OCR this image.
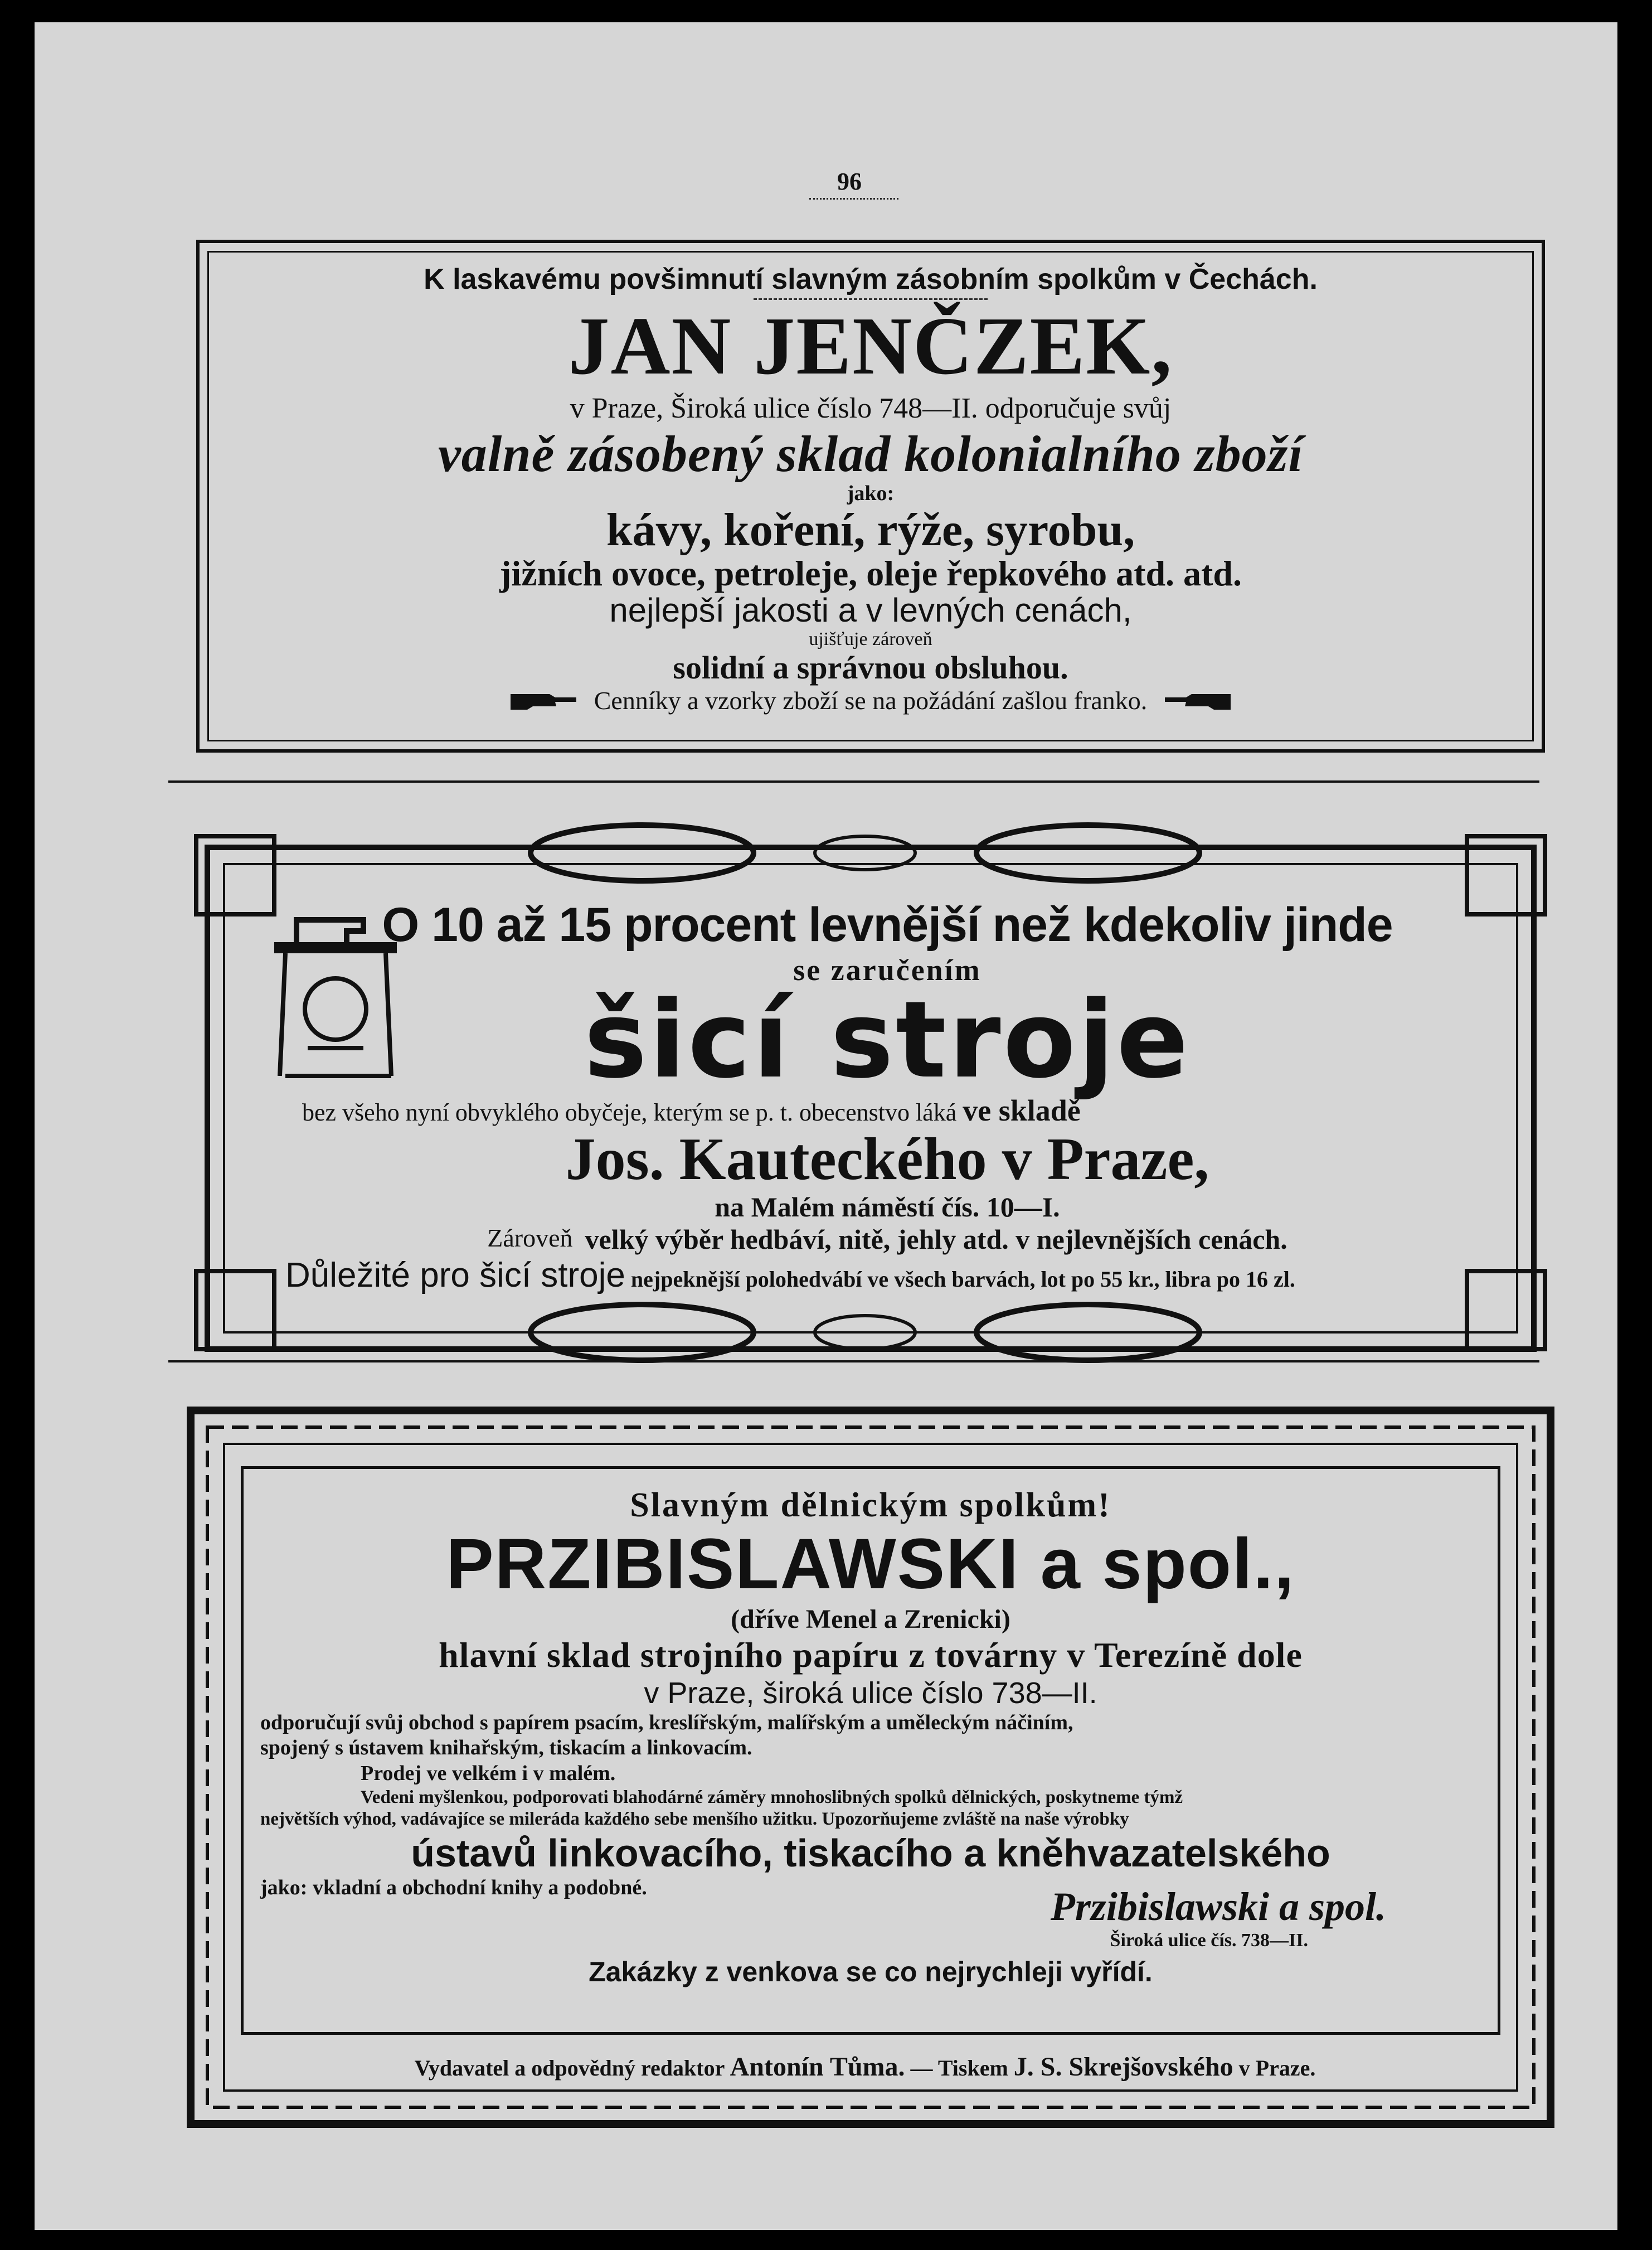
96
K laskavému povšimnutí slavným zásobním spolkům v Čechách.
JAN JENČZEK,
v Praze, Široká ulice číslo 748—II. odporučuje svůj
valně zásobený sklad kolonialního zboží
jako:
kávy, koření, rýže, syrobu,
jižních ovoce, petroleje, oleje řepkového atd. atd.
nejlepší jakosti a v levných cenách,
ujišťuje zároveň
solidní a správnou obsluhou.
Cenníky a vzorky zboží se na požádání zašlou franko.
O 10 až 15 procent levnější než kdekoliv jinde
se zaručením
šicí stroje
bez všeho nyní obvyklého obyčeje, kterým se p. t. obecenstvo láká ve skladě
Jos. Kauteckého v Praze,
na Malém náměstí čís. 10—I.
Zároveň velký výběr hedbáví, nitě, jehly atd. v nejlevnějších cenách.
Důležité pro šicí stroje nejpeknější polohedvábí ve všech barvách, lot po 55 kr., libra po 16 zl.
Slavným dělnickým spolkům!
PRZIBISLAWSKI a spol.,
(dříve Menel a Zrenicki)
hlavní sklad strojního papíru z továrny v Terezíně dole
v Praze, široká ulice číslo 738—II.
odporučují svůj obchod s papírem psacím, kreslířským, malířským a uměleckým náčiním,
spojený s ústavem knihařským, tiskacím a linkovacím.
Prodej ve velkém i v malém.
Vedeni myšlenkou, podporovati blahodárné záměry mnohoslibných spolků dělnických, poskytneme týmž
největších výhod, vadávajíce se mileráda každého sebe menšího užitku. Upozorňujeme zvláště na naše výrobky
ústavů linkovacího, tiskacího a kněhvazatelského
jako: vkladní a obchodní knihy a podobné.	Przibislawski a spol.
Široká ulice čís. 738—II.
Zakázky z venkova se co nejrychleji vyřídí.
Vydavatel a odpovědný redaktor Antonín Tůma. — Tiskem J. S. Skrejšovského v Praze.
